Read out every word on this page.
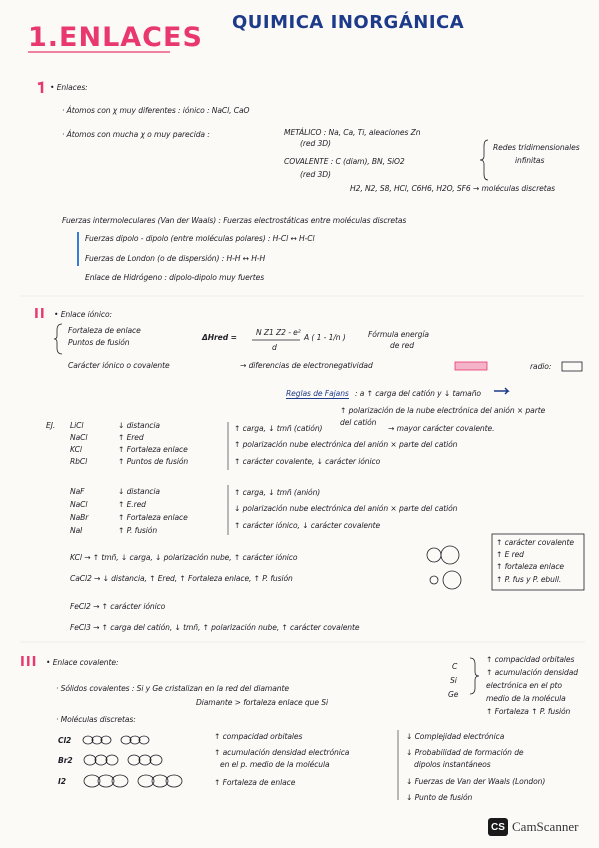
1.ENLACES QUIMICA INORGÁNICA
• Enlaces:
· Átomos con χ muy diferentes : iónico : NaCl, CaO
· Átomos con mucha χ o muy parecida :	METÁLICO : Na, Ca, Ti, aleaciones Zn
(red 3D)
COVALENTE : C (diam), BN, SiO2
(red 3D)
Redes tridimensionales
infinitas
H2, N2, S8, HCl, C6H6, H2O, SF6 → moléculas discretas
Fuerzas intermoleculares (Van der Waals) : Fuerzas electrostáticas entre moléculas discretas
Fuerzas dipolo - dipolo (entre moléculas polares) : H-Cl ↔ H-Cl
Fuerzas de London (o de dispersión) : H-H ↔ H-H
Enlace de Hidrógeno : dipolo-dipolo muy fuertes
II • Enlace iónico:
Fortaleza de enlace
Puntos de fusión
ΔHred =
N Z1 Z2 - e²
d
A ( 1 - 1/n )	Fórmula energía
de red
Carácter iónico o covalente	→ diferencias de electronegatividad	radio:
Reglas de Fajans : a ↑ carga del catión y ↓ tamaño
↑ polarización de la nube electrónica del anión × parte
del catión
→ mayor carácter covalente.
EJ. LiCl
NaCl
KCl
RbCl
↓ distancia
↑ Ered
↑ Fortaleza enlace
↑ Puntos de fusión
↑ carga, ↓ tmñ (catión)
↑ polarización nube electrónica del anión × parte del catión
↑ carácter covalente, ↓ carácter iónico
NaF
NaCl
NaBr
NaI
↓ distancia
↑ E.red
↑ Fortaleza enlace
↑ P. fusión
↑ carga, ↓ tmñ (anión)
↓ polarización nube electrónica del anión × parte del catión
↑ carácter iónico, ↓ carácter covalente
KCl → ↑ tmñ, ↓ carga, ↓ polarización nube, ↑ carácter iónico
CaCl2 → ↓ distancia, ↑ Ered, ↑ Fortaleza enlace, ↑ P. fusión
↑ carácter covalente
↑ E red
↑ fortaleza enlace
↑ P. fus y P. ebull.
FeCl2 → ↑ carácter iónico
FeCl3 → ↑ carga del catión, ↓ tmñ, ↑ polarización nube, ↑ carácter covalente
III • Enlace covalente:
· Sólidos covalentes : Si y Ge cristalizan en la red del diamante
Diamante > fortaleza enlace que Si
C
Si
Ge
↑ compacidad orbitales
↑ acumulación densidad
electrónica en el pto
medio de la molécula
↑ Fortaleza ↑ P. fusión
· Moléculas discretas:
Cl2
Br2
I2
↑ compacidad orbitales
↑ acumulación densidad electrónica
en el p. medio de la molécula
↑ Fortaleza de enlace
↓ Complejidad electrónica
↓ Probabilidad de formación de
dipolos instantáneos
↓ Fuerzas de Van der Waals (London)
↓ Punto de fusión
CS CamScanner
